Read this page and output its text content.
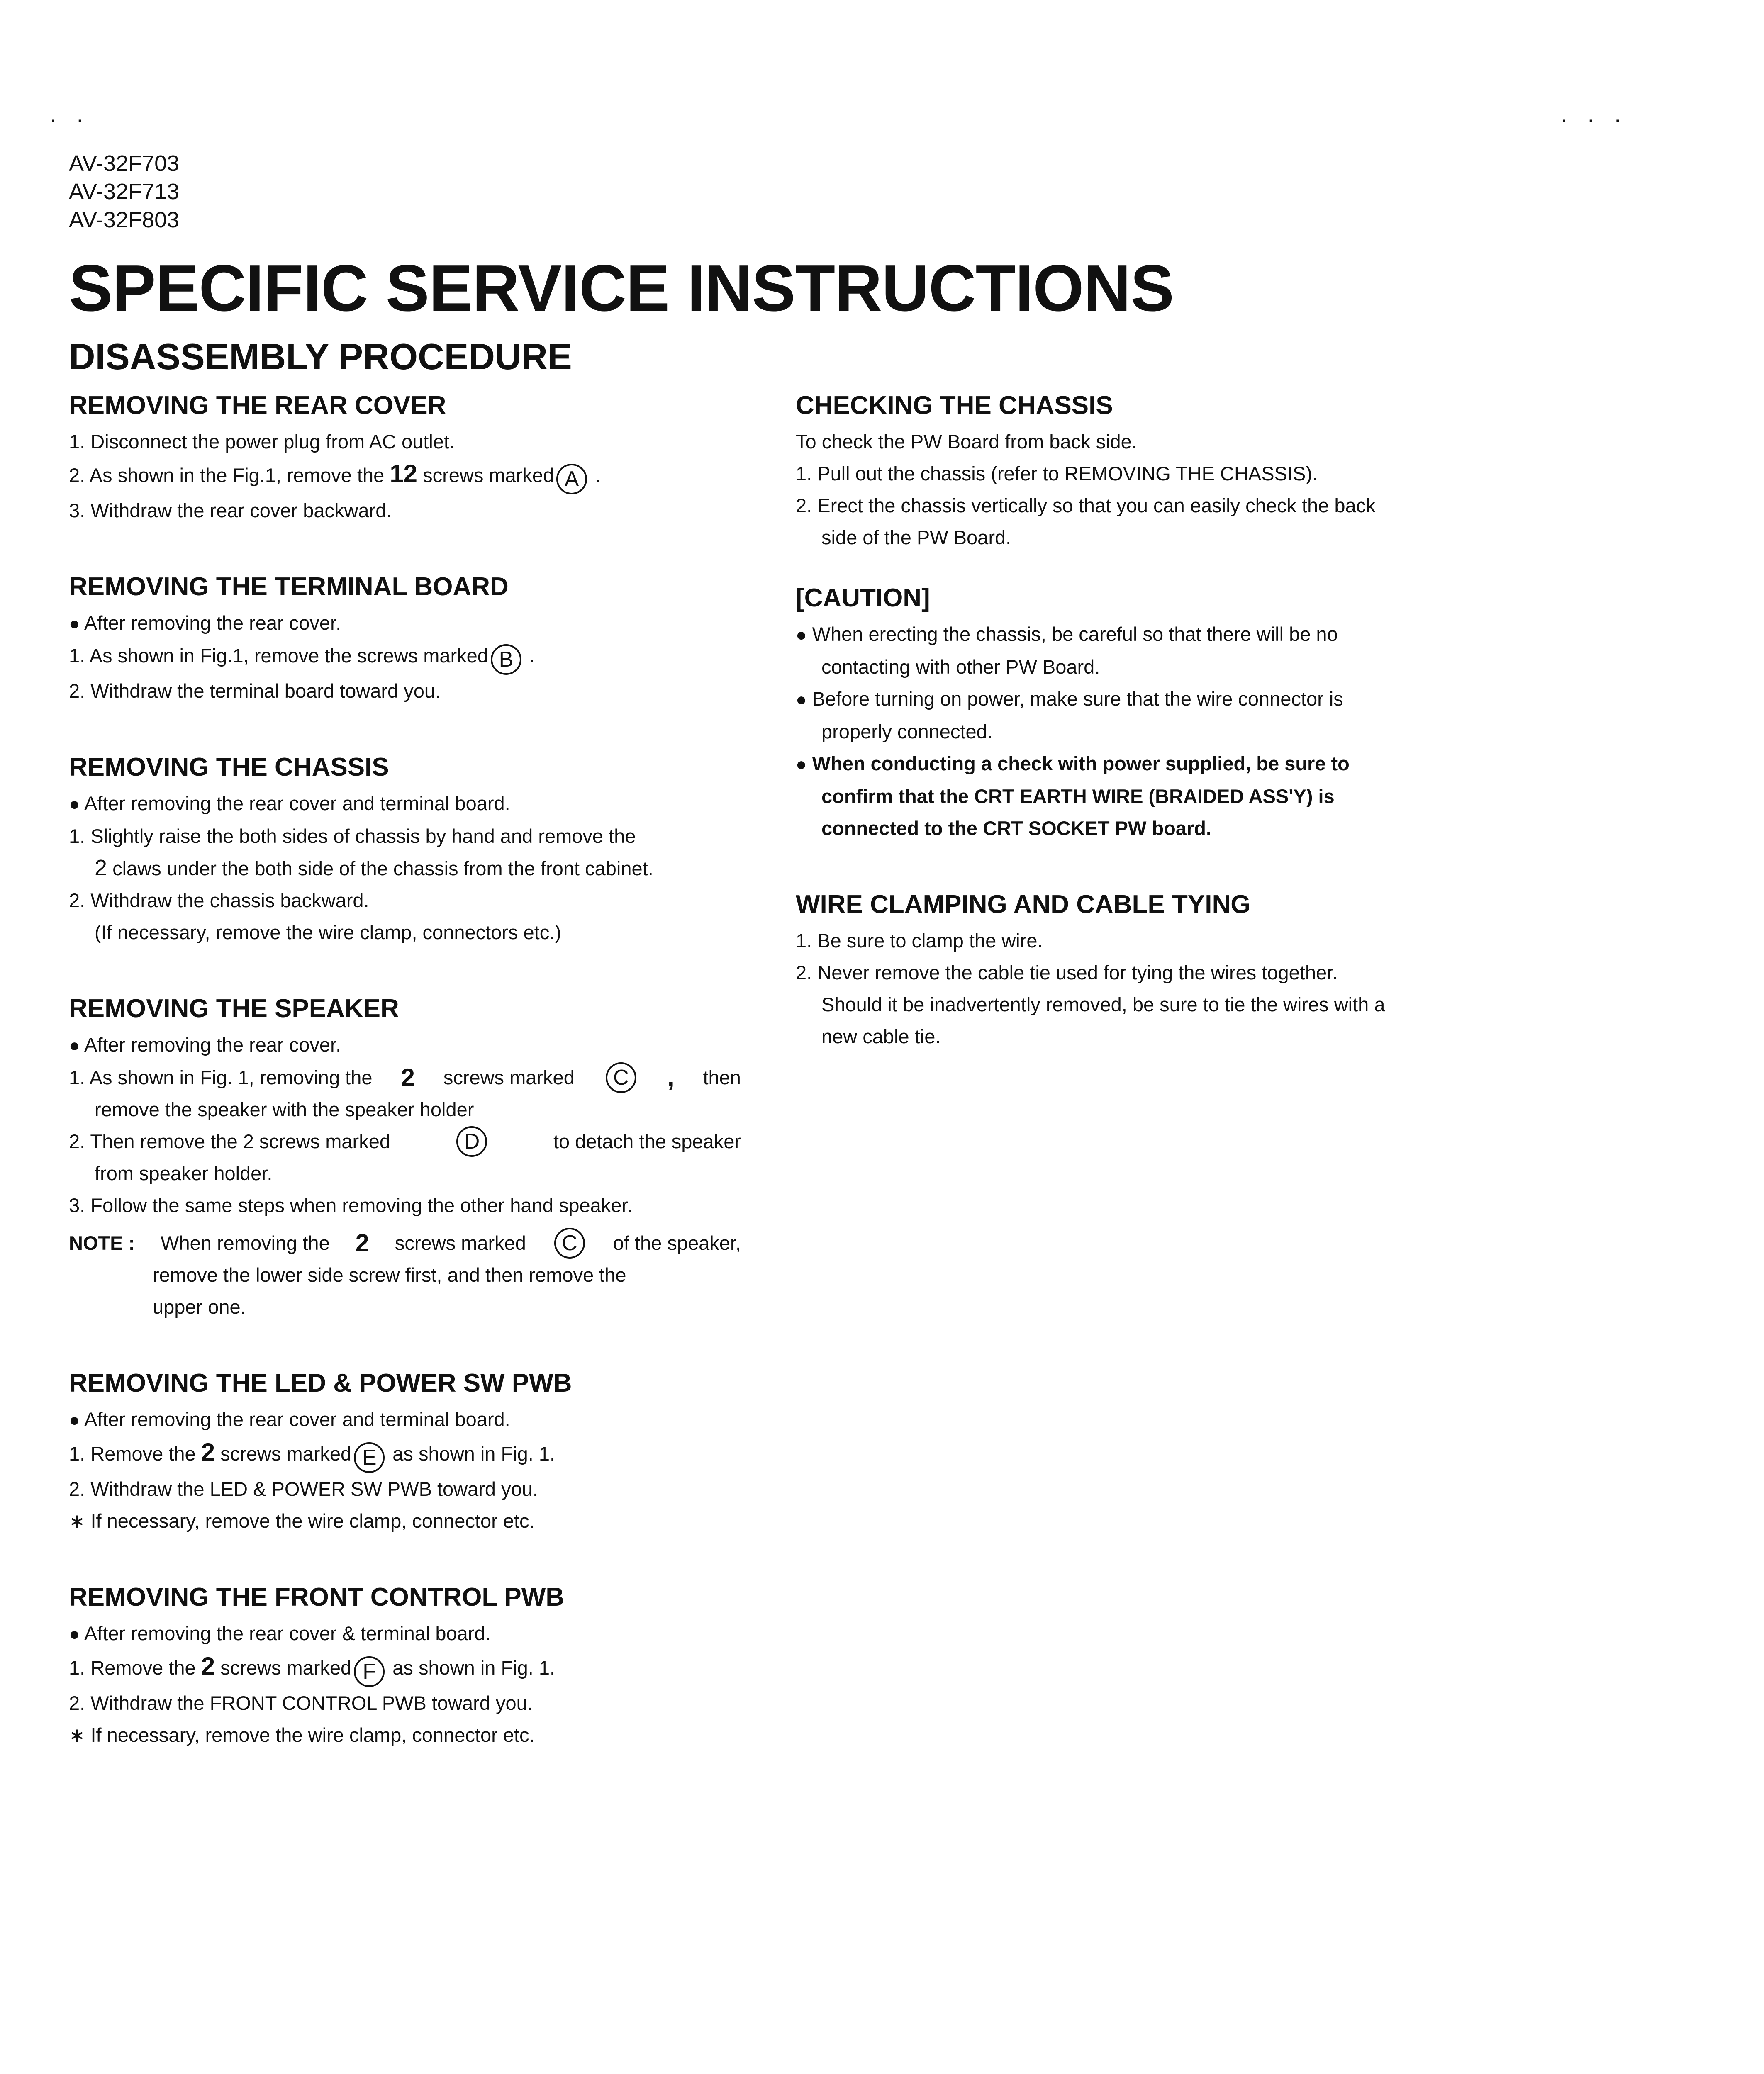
· ·	· · ·
AV-32F703
AV-32F713
AV-32F803
SPECIFIC SERVICE INSTRUCTIONS
DISASSEMBLY PROCEDURE
REMOVING THE REAR COVER

1. Disconnect the power plug from AC outlet.

2. As shown in the Fig.1, remove the 12 screws marked A .

3. Withdraw the rear cover backward.

REMOVING THE TERMINAL BOARD

● After removing the rear cover.

1. As shown in Fig.1, remove the screws marked B .

2. Withdraw the terminal board toward you.

REMOVING THE CHASSIS

● After removing the rear cover and terminal board.

1. Slightly raise the both sides of chassis by hand and remove the

2 claws under the both side of the chassis from the front cabinet.

2. Withdraw the chassis backward.

(If necessary, remove the wire clamp, connectors etc.)

REMOVING THE SPEAKER

● After removing the rear cover.

1. As shown in Fig. 1, removing the 2 screws marked	C	, then

remove the speaker with the speaker holder

2. Then remove the 2 screws marked	D	to detach the speaker

from speaker holder.

3. Follow the same steps when removing the other hand speaker.

NOTE : When removing the 2 screws marked	C	of the speaker,

remove the lower side screw first, and then remove the

upper one.

REMOVING THE LED & POWER SW PWB

● After removing the rear cover and terminal board.

1. Remove the 2 screws marked E as shown in Fig. 1.

2. Withdraw the LED & POWER SW PWB toward you.

∗ If necessary, remove the wire clamp, connector etc.

REMOVING THE FRONT CONTROL PWB

● After removing the rear cover & terminal board.

1. Remove the 2 screws marked F as shown in Fig. 1.

2. Withdraw the FRONT CONTROL PWB toward you.

∗ If necessary, remove the wire clamp, connector etc.

CHECKING THE CHASSIS

To check the PW Board from back side.

1. Pull out the chassis (refer to REMOVING THE CHASSIS).

2. Erect the chassis vertically so that you can easily check the back

side of the PW Board.

[CAUTION]

● When erecting the chassis, be careful so that there will be no

contacting with other PW Board.

● Before turning on power, make sure that the wire connector is

properly connected.

● When conducting a check with power supplied, be sure to

confirm that the CRT EARTH WIRE (BRAIDED ASS'Y) is

connected to the CRT SOCKET PW board.

WIRE CLAMPING AND CABLE TYING

1. Be sure to clamp the wire.

2. Never remove the cable tie used for tying the wires together.

Should it be inadvertently removed, be sure to tie the wires with a

new cable tie.
